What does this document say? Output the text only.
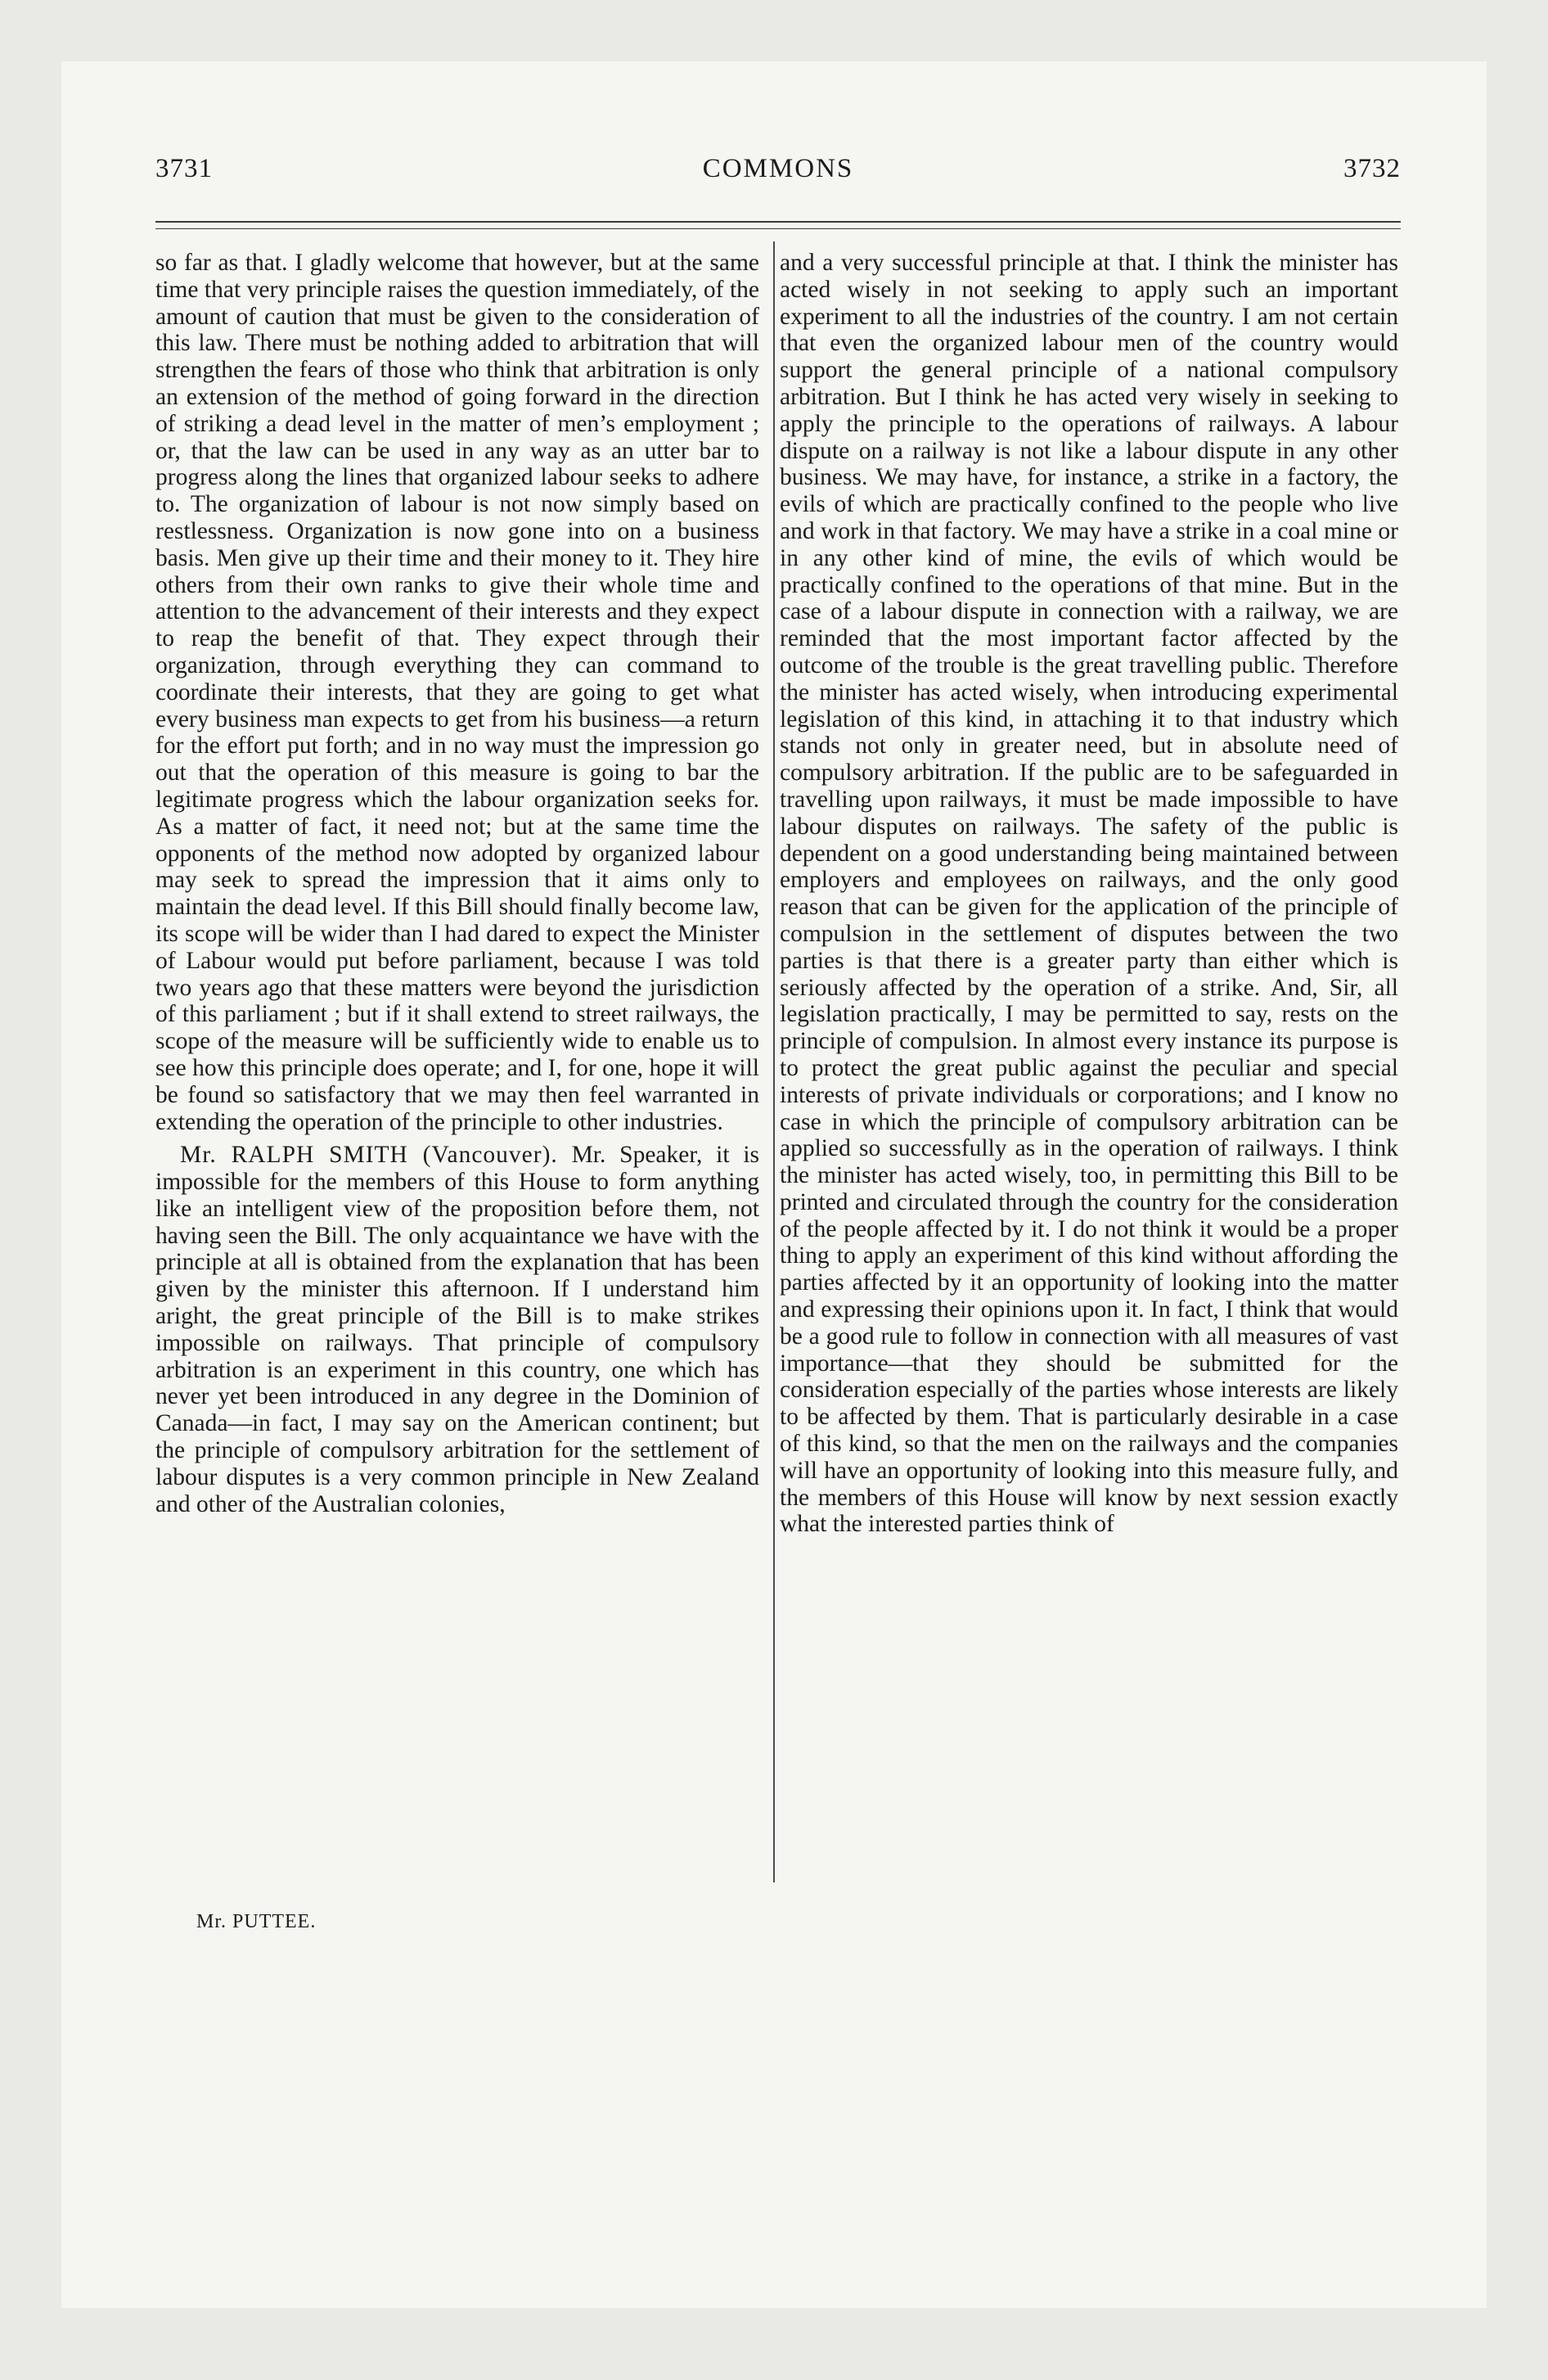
3731	COMMONS	3732

so far as that. I gladly welcome that however, but at the same time that very principle raises the question immediately, of the amount of caution that must be given to the consideration of this law. There must be nothing added to arbitration that will strengthen the fears of those who think that arbitration is only an extension of the method of going forward in the direction of striking a dead level in the matter of men’s employment ; or, that the law can be used in any way as an utter bar to progress along the lines that organized labour seeks to adhere to. The organization of labour is not now simply based on restlessness. Organization is now gone into on a business basis. Men give up their time and their money to it. They hire others from their own ranks to give their whole time and attention to the advancement of their interests and they expect to reap the benefit of that. They expect through their organization, through everything they can command to coordinate their interests, that they are going to get what every business man expects to get from his business—a return for the effort put forth; and in no way must the impression go out that the operation of this measure is going to bar the legitimate progress which the labour organization seeks for. As a matter of fact, it need not; but at the same time the opponents of the method now adopted by organized labour may seek to spread the impression that it aims only to maintain the dead level. If this Bill should finally become law, its scope will be wider than I had dared to expect the Minister of Labour would put before parliament, because I was told two years ago that these matters were beyond the jurisdiction of this parliament ; but if it shall extend to street railways, the scope of the measure will be sufficiently wide to enable us to see how this principle does operate; and I, for one, hope it will be found so satisfactory that we may then feel warranted in extending the operation of the principle to other industries.

Mr. RALPH SMITH (Vancouver). Mr. Speaker, it is impossible for the members of this House to form anything like an intelligent view of the proposition before them, not having seen the Bill. The only acquaintance we have with the principle at all is obtained from the explanation that has been given by the minister this afternoon. If I understand him aright, the great principle of the Bill is to make strikes impossible on railways. That principle of compulsory arbitration is an experiment in this country, one which has never yet been introduced in any degree in the Dominion of Canada—in fact, I may say on the American continent; but the principle of compulsory arbitration for the settlement of labour disputes is a very common principle in New Zealand and other of the Australian colonies,

and a very successful principle at that. I think the minister has acted wisely in not seeking to apply such an important experiment to all the industries of the country. I am not certain that even the organized labour men of the country would support the general principle of a national compulsory arbitration. But I think he has acted very wisely in seeking to apply the principle to the operations of railways. A labour dispute on a railway is not like a labour dispute in any other business. We may have, for instance, a strike in a factory, the evils of which are practically confined to the people who live and work in that factory. We may have a strike in a coal mine or in any other kind of mine, the evils of which would be practically confined to the operations of that mine. But in the case of a labour dispute in connection with a railway, we are reminded that the most important factor affected by the outcome of the trouble is the great travelling public. Therefore the minister has acted wisely, when introducing experimental legislation of this kind, in attaching it to that industry which stands not only in greater need, but in absolute need of compulsory arbitration. If the public are to be safeguarded in travelling upon railways, it must be made impossible to have labour disputes on railways. The safety of the public is dependent on a good understanding being maintained between employers and employees on railways, and the only good reason that can be given for the application of the principle of compulsion in the settlement of disputes between the two parties is that there is a greater party than either which is seriously affected by the operation of a strike. And, Sir, all legislation practically, I may be permitted to say, rests on the principle of compulsion. In almost every instance its purpose is to protect the great public against the peculiar and special interests of private individuals or corporations; and I know no case in which the principle of compulsory arbitration can be applied so successfully as in the operation of railways. I think the minister has acted wisely, too, in permitting this Bill to be printed and circulated through the country for the consideration of the people affected by it. I do not think it would be a proper thing to apply an experiment of this kind without affording the parties affected by it an opportunity of looking into the matter and expressing their opinions upon it. In fact, I think that would be a good rule to follow in connection with all measures of vast importance—that they should be submitted for the consideration especially of the parties whose interests are likely to be affected by them. That is particularly desirable in a case of this kind, so that the men on the railways and the companies will have an opportunity of looking into this measure fully, and the members of this House will know by next session exactly what the interested parties think of

Mr. PUTTEE.
